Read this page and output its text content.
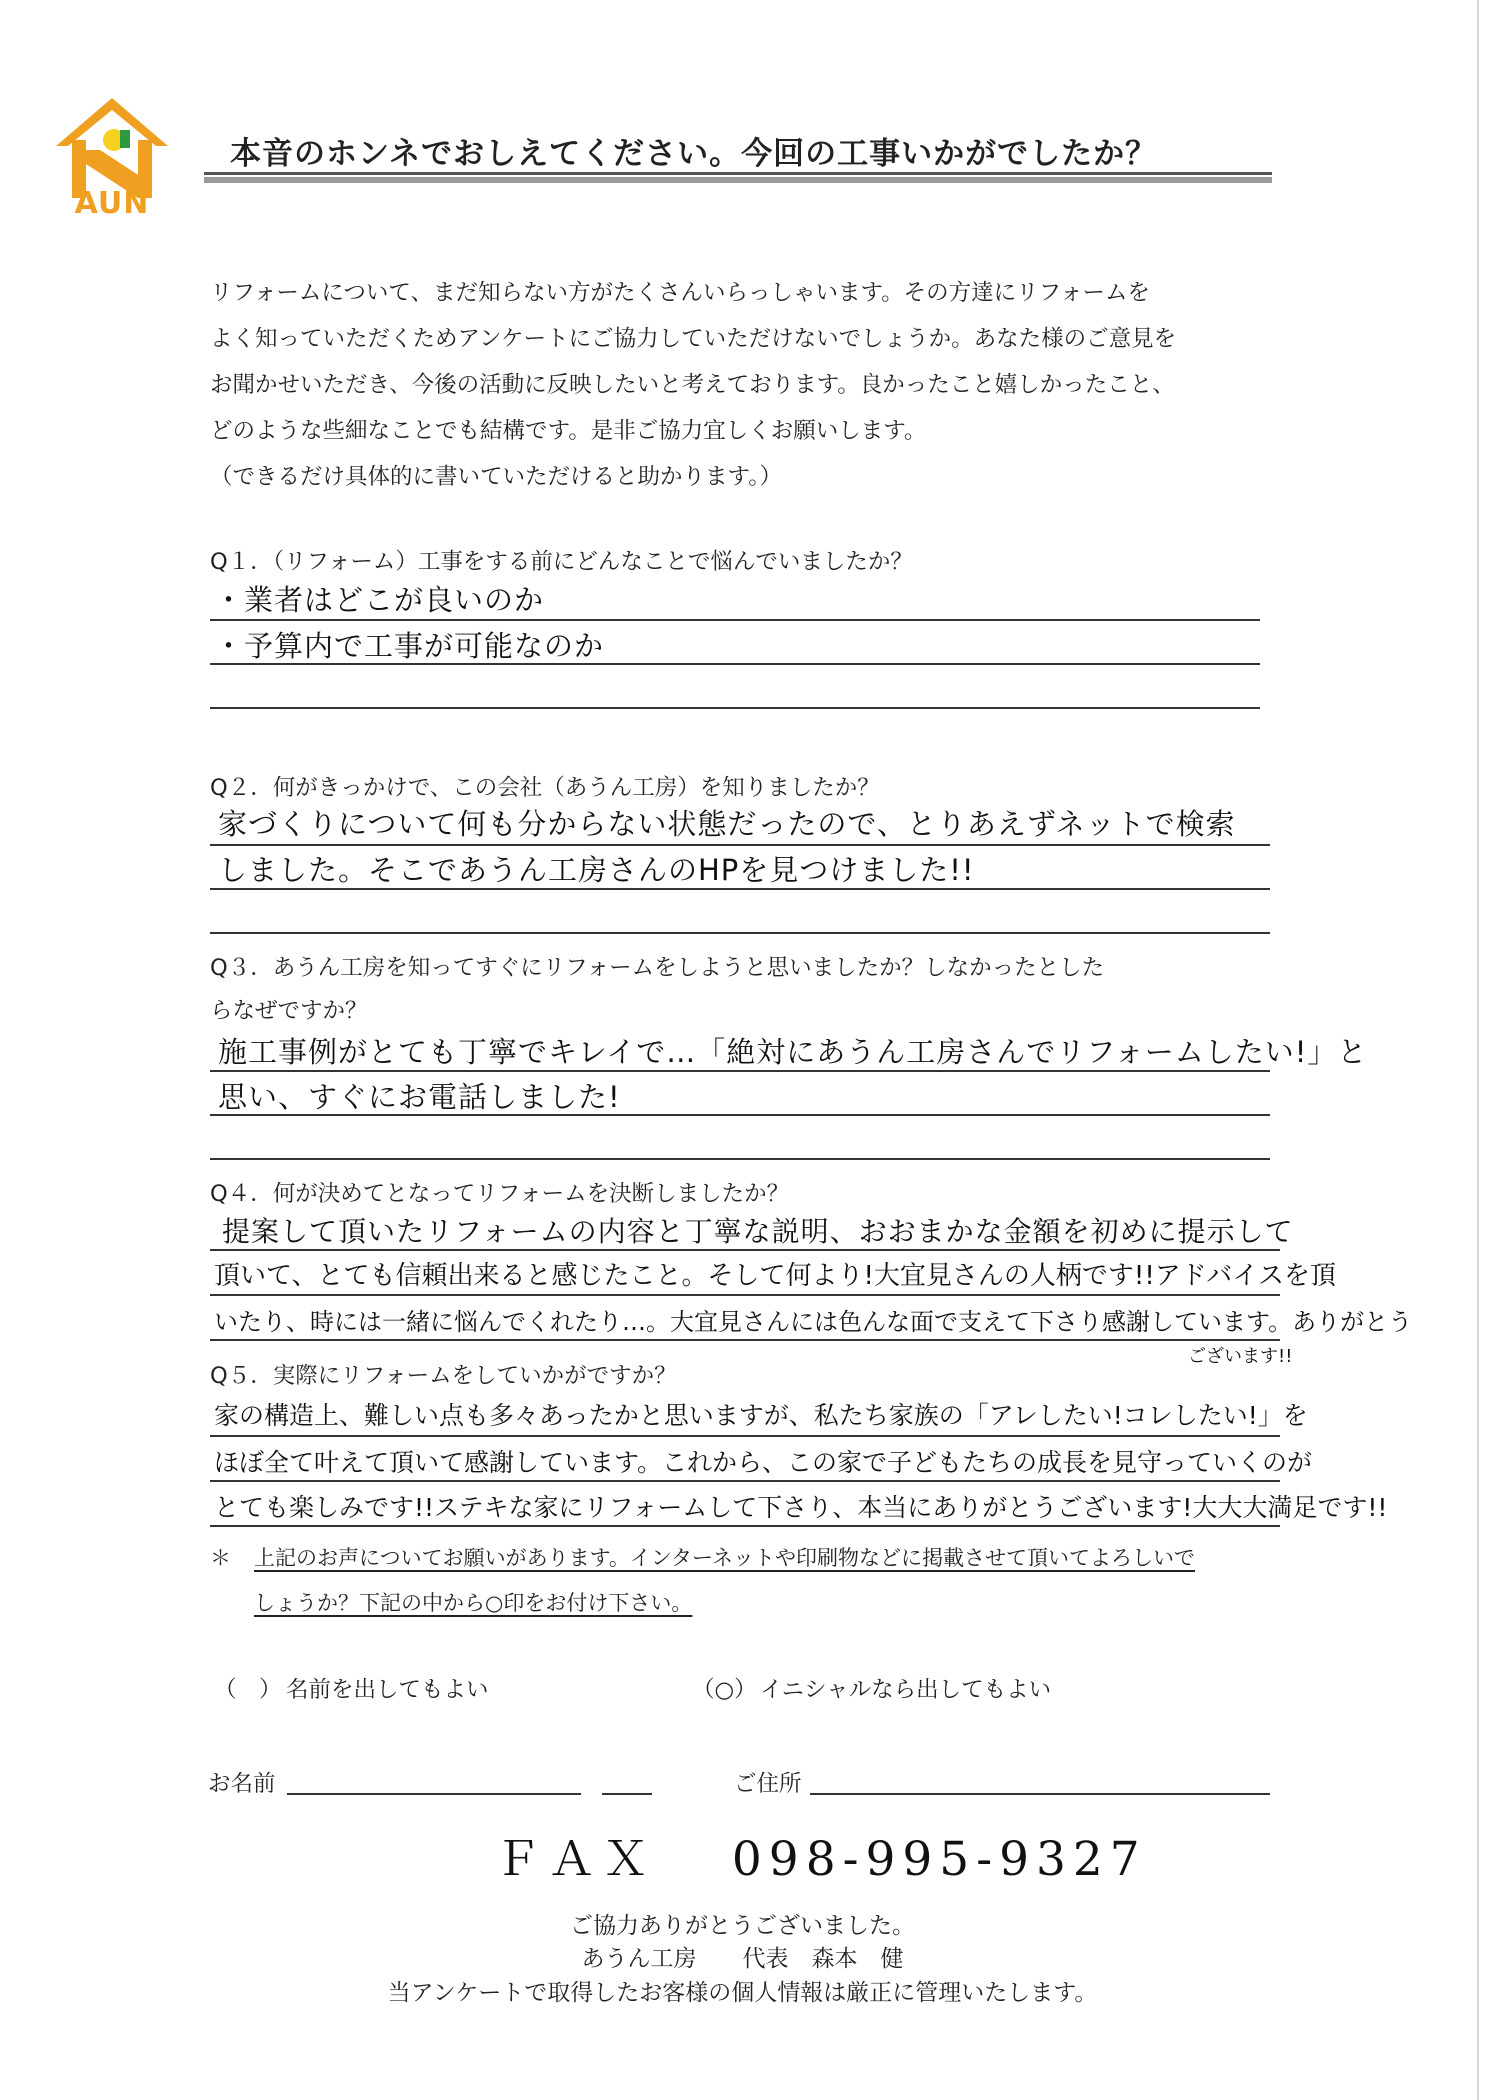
AUN
本音のホンネでおしえてください。今回の工事いかがでしたか？
リフォームについて、まだ知らない方がたくさんいらっしゃいます。その方達にリフォームを
よく知っていただくためアンケートにご協力していただけないでしょうか。あなた様のご意見を
お聞かせいただき、今後の活動に反映したいと考えております。良かったこと嬉しかったこと、
どのような些細なことでも結構です。是非ご協力宜しくお願いします。
（できるだけ具体的に書いていただけると助かります。）
Q１．（リフォーム）工事をする前にどんなことで悩んでいましたか？
・業者はどこが良いのか
・予算内で工事が可能なのか
Q２．何がきっかけで、この会社（あうん工房）を知りましたか？
家づくりについて何も分からない状態だったので、とりあえずネットで検索
しました。そこであうん工房さんのHPを見つけました!!
Q３．あうん工房を知ってすぐにリフォームをしようと思いましたか？しなかったとした
らなぜですか？
施工事例がとても丁寧でキレイで…「絶対にあうん工房さんでリフォームしたい!」と
思い、すぐにお電話しました!
Q４．何が決めてとなってリフォームを決断しましたか？
提案して頂いたリフォームの内容と丁寧な説明、おおまかな金額を初めに提示して
頂いて、とても信頼出来ると感じたこと。そして何より!大宜見さんの人柄です!!アドバイスを頂
いたり、時には一緒に悩んでくれたり…。大宜見さんには色んな面で支えて下さり感謝しています。ありがとう
ございます!!
Q５．実際にリフォームをしていかがですか？
家の構造上、難しい点も多々あったかと思いますが、私たち家族の「アレしたい!コレしたい!」を
ほぼ全て叶えて頂いて感謝しています。これから、この家で子どもたちの成長を見守っていくのが
とても楽しみです!!ステキな家にリフォームして下さり、本当にありがとうございます!大大大満足です!!
＊ 上記のお声についてお願いがあります。インターネットや印刷物などに掲載させて頂いてよろしいで
しょうか？下記の中から○印をお付け下さい。
（　） 名前を出してもよい	（○） イニシャルなら出してもよい
お名前	ご住所
ＦＡＸ 098-995-9327
ご協力ありがとうございました。
あうん工房　　代表　森本　健
当アンケートで取得したお客様の個人情報は厳正に管理いたします。
